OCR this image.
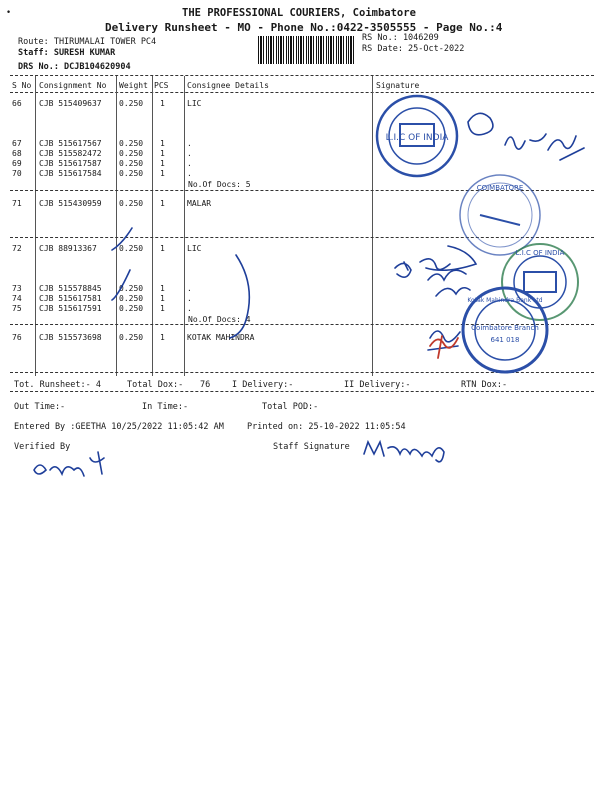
•	THE PROFESSIONAL COURIERS, Coimbatore
Delivery Runsheet - MO - Phone No.:0422-3505555 - Page No.:4
Route: THIRUMALAI TOWER PC4
Staff: SURESH KUMAR
DRS No.: DCJB104620904
RS No.: 1046209
RS Date: 25-Oct-2022
S No Consignment No Weight PCS Consignee Details	Signature
66 CJB 515409637 0.250 1	LIC
67 CJB 515617567 0.250 1	.
68 CJB 515582472 0.250 1	.
69 CJB 515617587 0.250 1	.
70 CJB 515617584 0.250 1	.
71 CJB 515430959 0.250 1	MALAR
72 CJB 88913367	0.250 1	LIC
73 CJB 515578845 0.250 1	.
74 CJB 515617581 0.250 1	.
75 CJB 515617591 0.250 1	.
76 CJB 515573698 0.250 1	KOTAK MAHINDRA
No.Of Docs: 5
No.Of Docs: 4
Tot. Runsheet:- 4	Total Dox:- 76	I Delivery:-	II Delivery:-	RTN Dox:-
Out Time:-	In Time:-	Total POD:-
Entered By :GEETHA 10/25/2022 11:05:42 AM	Printed on: 25-10-2022 11:05:54
Verified By	Staff Signature
L.I.C OF INDIA
COIMBATORE
L.I.C OF INDIA
Kotak Mahindra Bank Ltd
Coimbatore Branch
641 018
